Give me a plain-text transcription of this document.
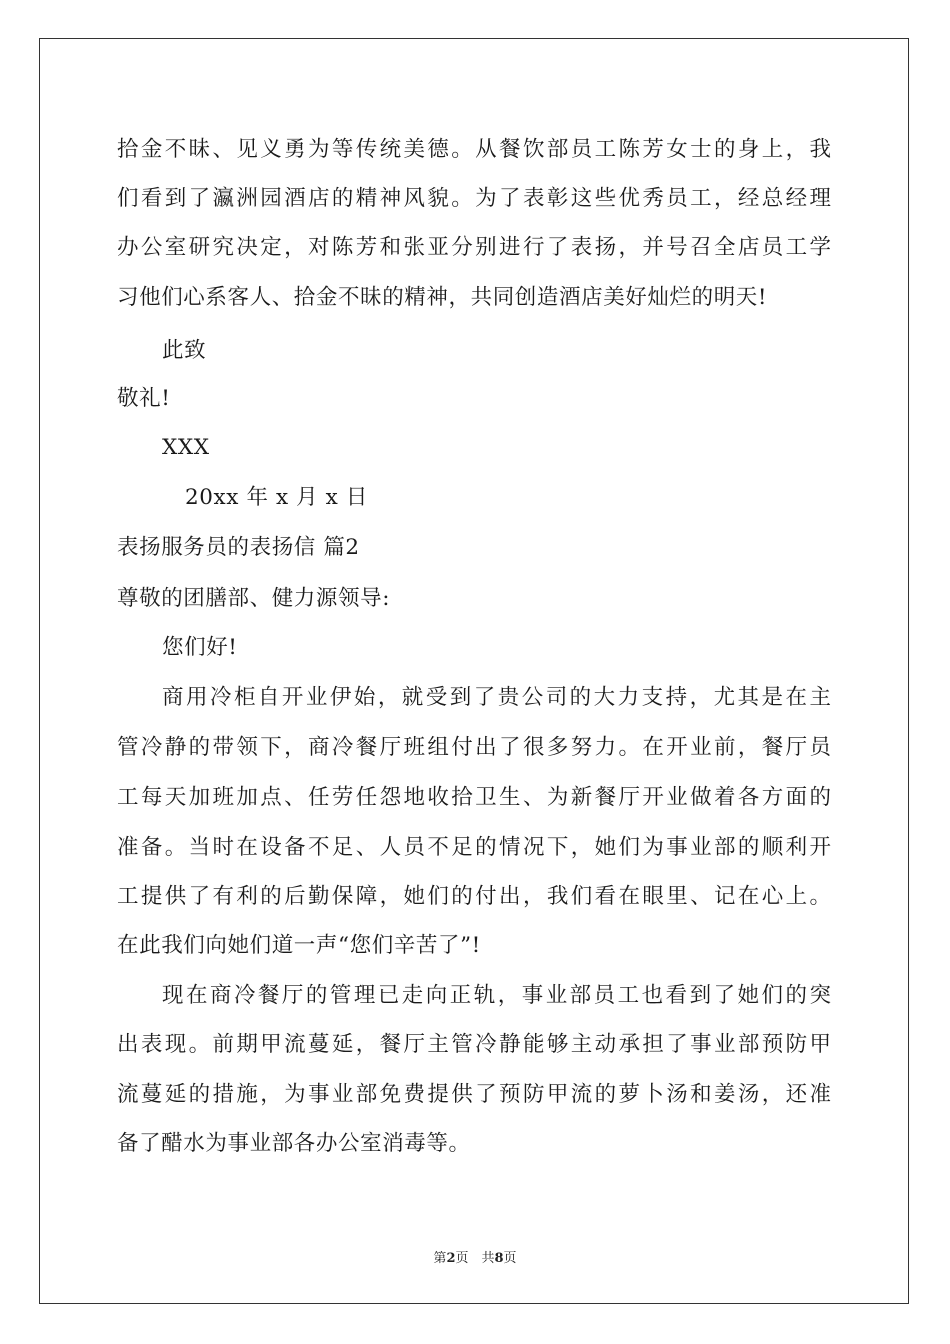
拾金不昧、见义勇为等传统美德。从餐饮部员工陈芳女士的身上，我
们看到了瀛洲园酒店的精神风貌。为了表彰这些优秀员工，经总经理
办公室研究决定，对陈芳和张亚分别进行了表扬，并号召全店员工学
习他们心系客人、拾金不昧的精神，共同创造酒店美好灿烂的明天!
此致
敬礼!
XXX
20xx 年 x 月 x 日
表扬服务员的表扬信 篇2
尊敬的团膳部、健力源领导:
您们好!
商用冷柜自开业伊始，就受到了贵公司的大力支持，尤其是在主
管冷静的带领下，商冷餐厅班组付出了很多努力。在开业前，餐厅员
工每天加班加点、任劳任怨地收拾卫生、为新餐厅开业做着各方面的
准备。当时在设备不足、人员不足的情况下，她们为事业部的顺利开
工提供了有利的后勤保障，她们的付出，我们看在眼里、记在心上。
在此我们向她们道一声“您们辛苦了”!
现在商冷餐厅的管理已走向正轨，事业部员工也看到了她们的突
出表现。前期甲流蔓延，餐厅主管冷静能够主动承担了事业部预防甲
流蔓延的措施，为事业部免费提供了预防甲流的萝卜汤和姜汤，还准
备了醋水为事业部各办公室消毒等。
第2页　共8页
